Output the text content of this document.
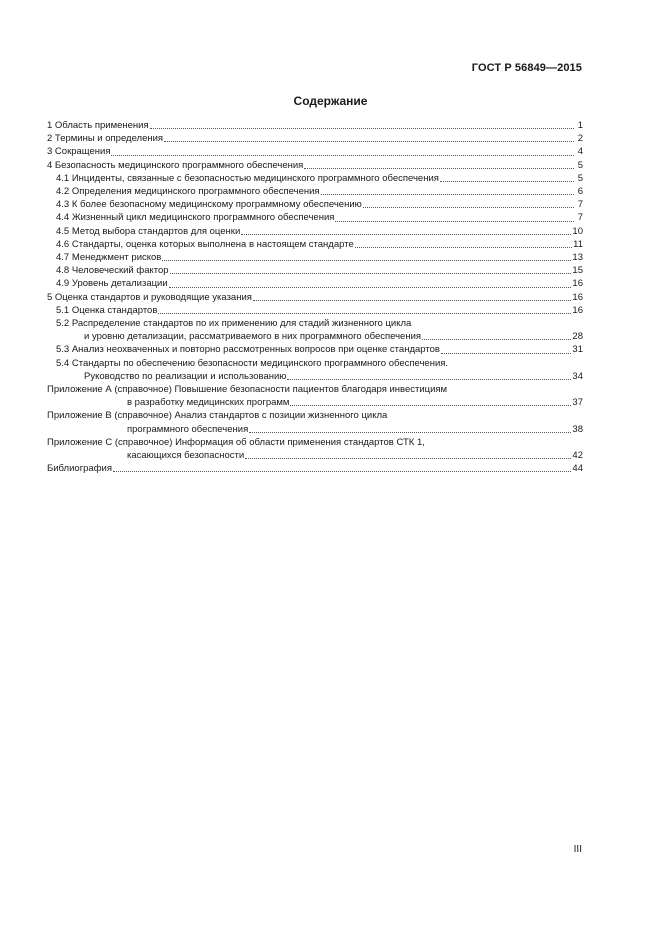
ГОСТ Р 56849—2015
Содержание
1 Область применения	1
2 Термины и определения	2
3 Сокращения	4
4 Безопасность медицинского программного обеспечения	5
4.1 Инциденты, связанные с безопасностью медицинского программного обеспечения	5
4.2 Определения медицинского программного обеспечения	6
4.3 К более безопасному медицинскому программному обеспечению	7
4.4 Жизненный цикл медицинского программного обеспечения	7
4.5 Метод выбора стандартов для оценки	10
4.6 Стандарты, оценка которых выполнена в настоящем стандарте	11
4.7 Менеджмент рисков	13
4.8 Человеческий фактор	15
4.9 Уровень детализации	16
5 Оценка стандартов и руководящие указания	16
5.1 Оценка стандартов	16
5.2 Распределение стандартов по их применению для стадий жизненного цикла
и уровню детализации, рассматриваемого в них программного обеспечения	28
5.3 Анализ неохваченных и повторно рассмотренных вопросов при оценке стандартов	31
5.4 Стандарты по обеспечению безопасности медицинского программного обеспечения.
Руководство по реализации и использованию	34
Приложение А (справочное) Повышение безопасности пациентов благодаря инвестициям
в разработку медицинских программ	37
Приложение В (справочное) Анализ стандартов с позиции жизненного цикла
программного обеспечения	38
Приложение С (справочное) Информация об области применения стандартов СТК 1,
касающихся безопасности	42
Библиография	44
III
